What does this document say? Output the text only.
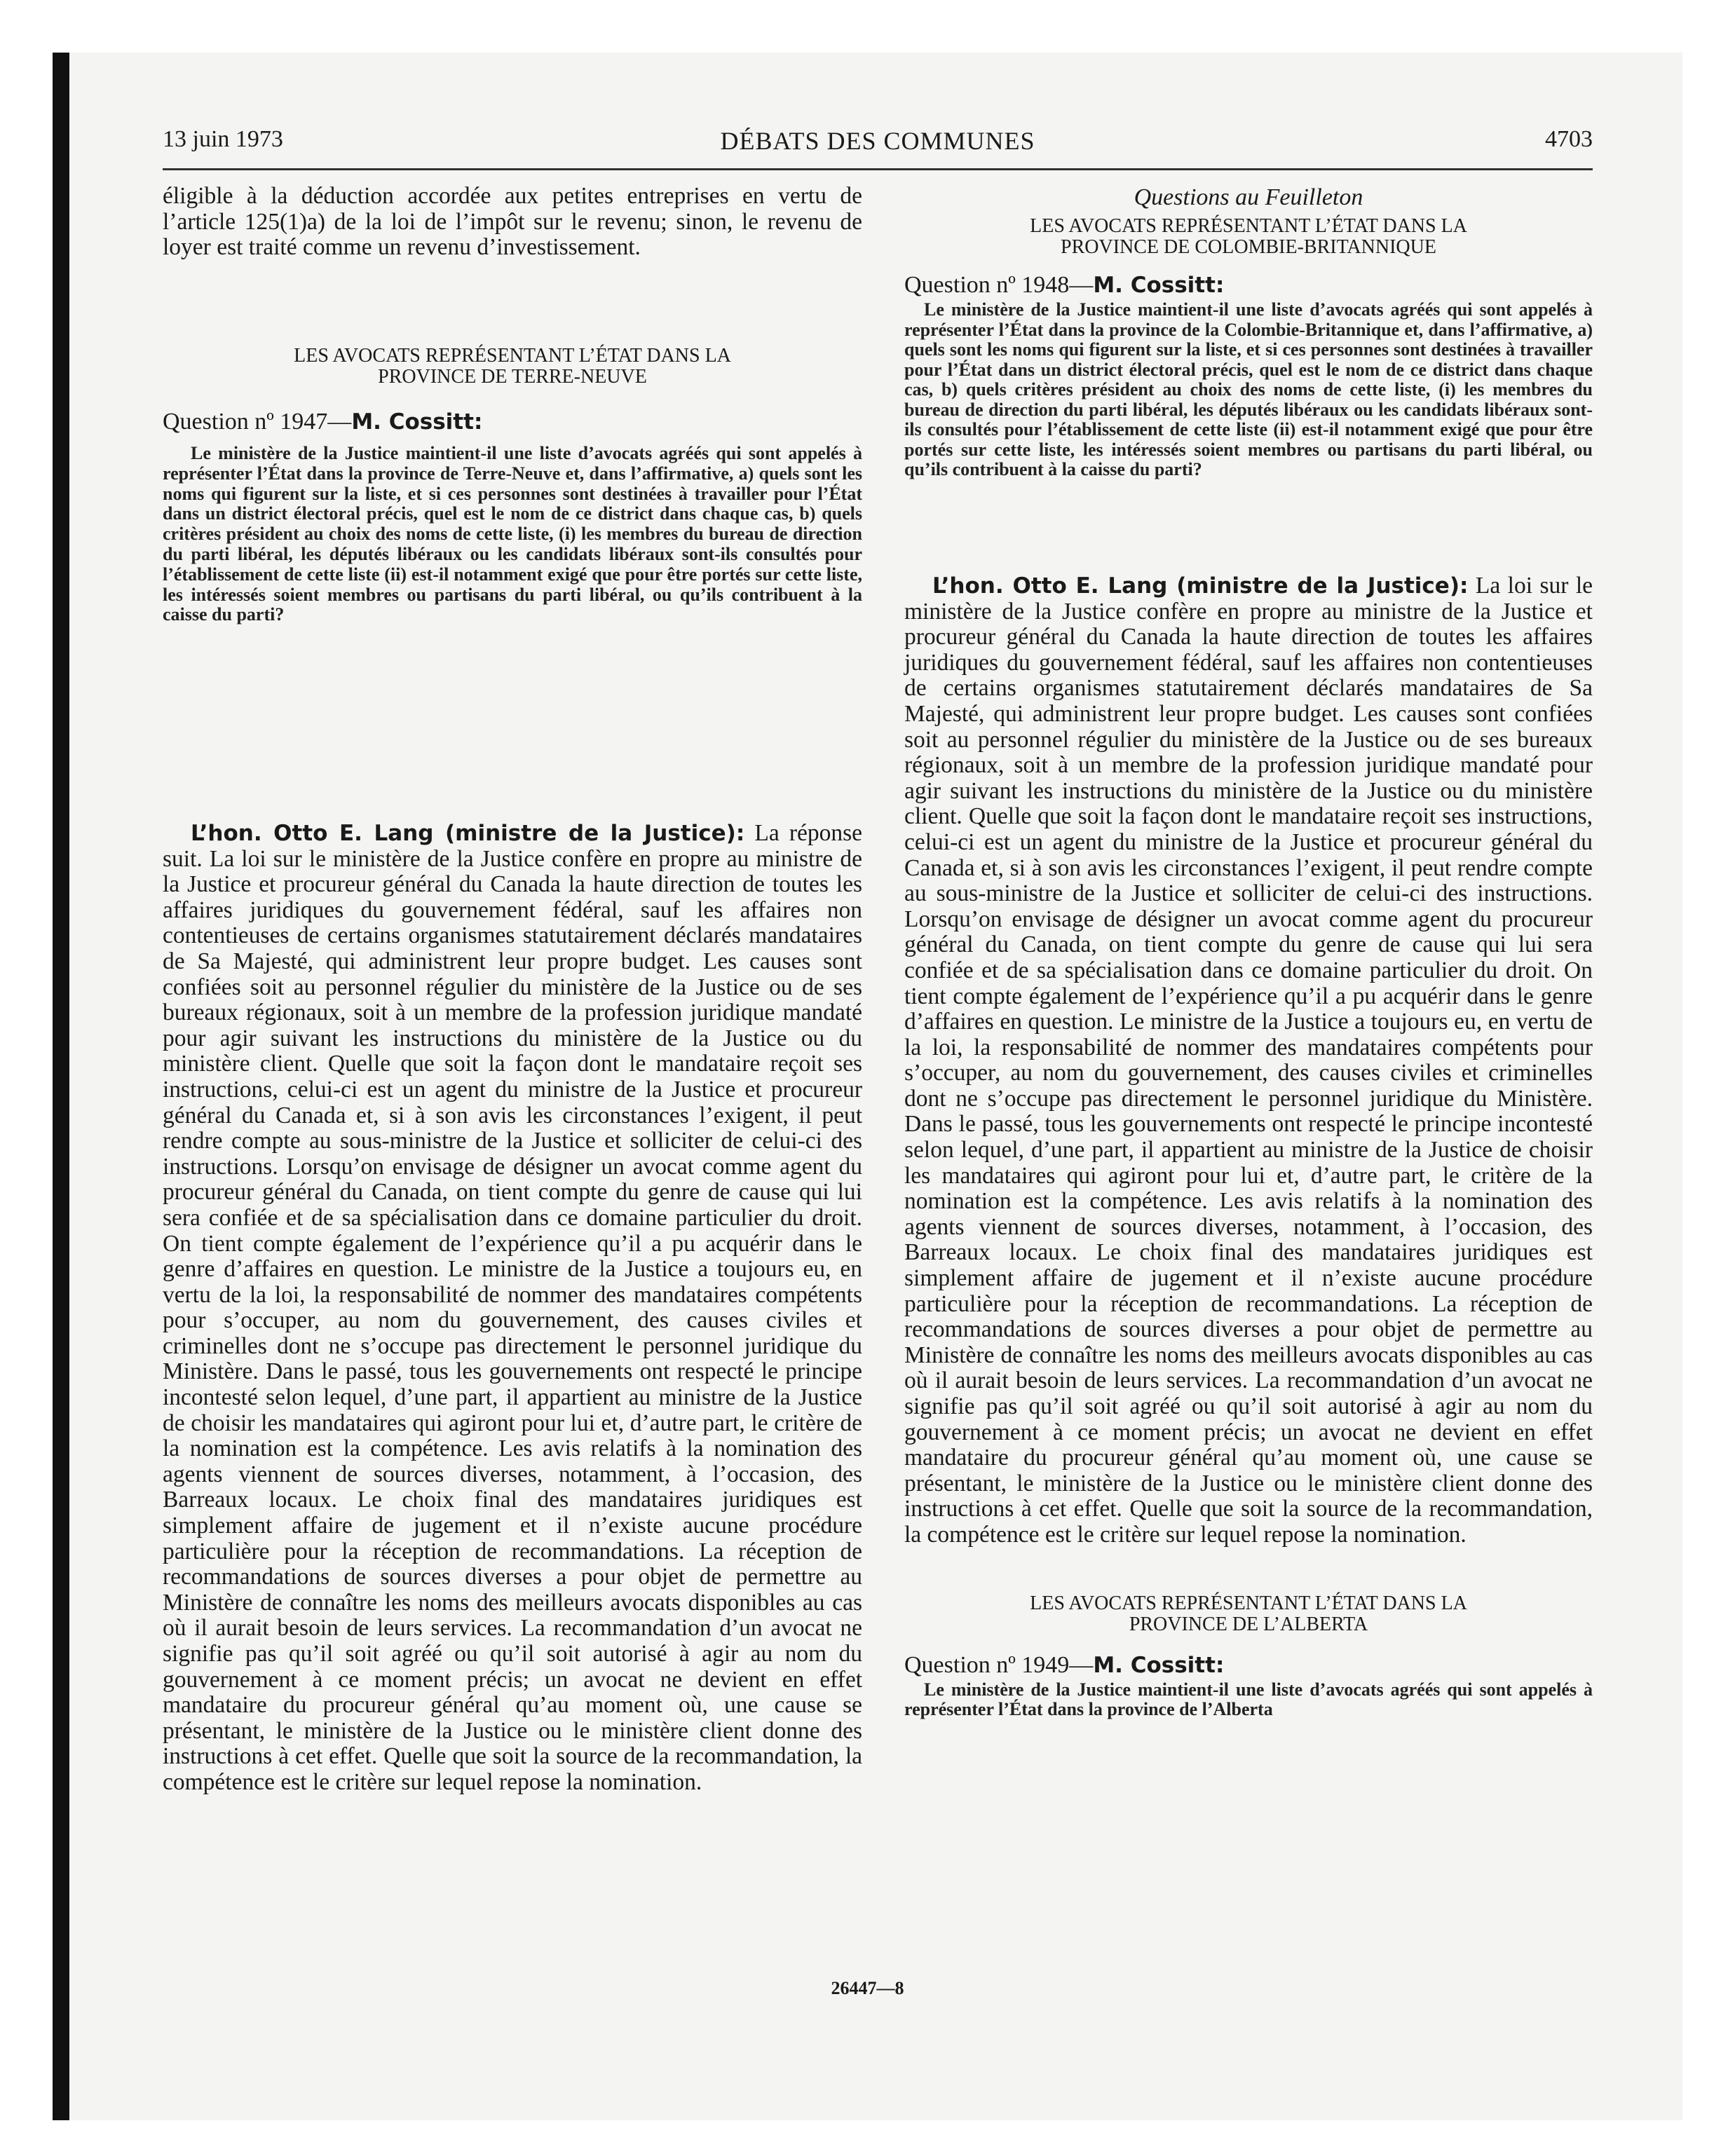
13 juin 1973	DÉBATS DES COMMUNES	4703

éligible à la déduction accordée aux petites entreprises en vertu de l’article 125(1)a) de la loi de l’impôt sur le revenu; sinon, le revenu de loyer est traité comme un revenu d’investissement.

LES AVOCATS REPRÉSENTANT L’ÉTAT DANS LA
PROVINCE DE TERRE-NEUVE
Question nº 1947—M. Cossitt:

Le ministère de la Justice maintient-il une liste d’avocats agréés qui sont appelés à représenter l’État dans la province de Terre-Neuve et, dans l’affirmative, a) quels sont les noms qui figurent sur la liste, et si ces personnes sont destinées à travailler pour l’État dans un district électoral précis, quel est le nom de ce district dans chaque cas, b) quels critères président au choix des noms de cette liste, (i) les membres du bureau de direction du parti libéral, les députés libéraux ou les candidats libéraux sont-ils consultés pour l’établissement de cette liste (ii) est-il notamment exigé que pour être portés sur cette liste, les intéressés soient membres ou partisans du parti libéral, ou qu’ils contribuent à la caisse du parti?

L’hon. Otto E. Lang (ministre de la Justice): La réponse suit. La loi sur le ministère de la Justice confère en propre au ministre de la Justice et procureur général du Canada la haute direction de toutes les affaires juridiques du gouvernement fédéral, sauf les affaires non contentieuses de certains organismes statutairement déclarés mandataires de Sa Majesté, qui administrent leur propre budget. Les causes sont confiées soit au personnel régulier du ministère de la Justice ou de ses bureaux régionaux, soit à un membre de la profession juridique mandaté pour agir suivant les instructions du ministère de la Justice ou du ministère client. Quelle que soit la façon dont le mandataire reçoit ses instructions, celui-ci est un agent du ministre de la Justice et procureur général du Canada et, si à son avis les circonstances l’exigent, il peut rendre compte au sous-ministre de la Justice et solliciter de celui-ci des instructions. Lorsqu’on envisage de désigner un avocat comme agent du procureur général du Canada, on tient compte du genre de cause qui lui sera confiée et de sa spécialisation dans ce domaine particulier du droit. On tient compte également de l’expérience qu’il a pu acquérir dans le genre d’affaires en question. Le ministre de la Justice a toujours eu, en vertu de la loi, la responsabilité de nommer des mandataires compétents pour s’occuper, au nom du gouvernement, des causes civiles et criminelles dont ne s’occupe pas directement le personnel juridique du Ministère. Dans le passé, tous les gouvernements ont respecté le principe incontesté selon lequel, d’une part, il appartient au ministre de la Justice de choisir les mandataires qui agiront pour lui et, d’autre part, le critère de la nomination est la compétence. Les avis relatifs à la nomination des agents viennent de sources diverses, notamment, à l’occasion, des Barreaux locaux. Le choix final des mandataires juridiques est simplement affaire de jugement et il n’existe aucune procédure particulière pour la réception de recommandations. La réception de recommandations de sources diverses a pour objet de permettre au Ministère de connaître les noms des meilleurs avocats disponibles au cas où il aurait besoin de leurs services. La recommandation d’un avocat ne signifie pas qu’il soit agréé ou qu’il soit autorisé à agir au nom du gouvernement à ce moment précis; un avocat ne devient en effet mandataire du procureur général qu’au moment où, une cause se présentant, le ministère de la Justice ou le ministère client donne des instructions à cet effet. Quelle que soit la source de la recommandation, la compétence est le critère sur lequel repose la nomination.

Questions au Feuilleton
LES AVOCATS REPRÉSENTANT L’ÉTAT DANS LA
PROVINCE DE COLOMBIE-BRITANNIQUE
Question nº 1948—M. Cossitt:

Le ministère de la Justice maintient-il une liste d’avocats agréés qui sont appelés à représenter l’État dans la province de la Colombie-Britannique et, dans l’affirmative, a) quels sont les noms qui figurent sur la liste, et si ces personnes sont destinées à travailler pour l’État dans un district électoral précis, quel est le nom de ce district dans chaque cas, b) quels critères président au choix des noms de cette liste, (i) les membres du bureau de direction du parti libéral, les députés libéraux ou les candidats libéraux sont-ils consultés pour l’établissement de cette liste (ii) est-il notamment exigé que pour être portés sur cette liste, les intéressés soient membres ou partisans du parti libéral, ou qu’ils contribuent à la caisse du parti?

L’hon. Otto E. Lang (ministre de la Justice): La loi sur le ministère de la Justice confère en propre au ministre de la Justice et procureur général du Canada la haute direction de toutes les affaires juridiques du gouvernement fédéral, sauf les affaires non contentieuses de certains organismes statutairement déclarés mandataires de Sa Majesté, qui administrent leur propre budget. Les causes sont confiées soit au personnel régulier du ministère de la Justice ou de ses bureaux régionaux, soit à un membre de la profession juridique mandaté pour agir suivant les instructions du ministère de la Justice ou du ministère client. Quelle que soit la façon dont le mandataire reçoit ses instructions, celui-ci est un agent du ministre de la Justice et procureur général du Canada et, si à son avis les circonstances l’exigent, il peut rendre compte au sous-ministre de la Justice et solliciter de celui-ci des instructions. Lorsqu’on envisage de désigner un avocat comme agent du procureur général du Canada, on tient compte du genre de cause qui lui sera confiée et de sa spécialisation dans ce domaine particulier du droit. On tient compte également de l’expérience qu’il a pu acquérir dans le genre d’affaires en question. Le ministre de la Justice a toujours eu, en vertu de la loi, la responsabilité de nommer des mandataires compétents pour s’occuper, au nom du gouvernement, des causes civiles et criminelles dont ne s’occupe pas directement le personnel juridique du Ministère. Dans le passé, tous les gouvernements ont respecté le principe incontesté selon lequel, d’une part, il appartient au ministre de la Justice de choisir les mandataires qui agiront pour lui et, d’autre part, le critère de la nomination est la compétence. Les avis relatifs à la nomination des agents viennent de sources diverses, notamment, à l’occasion, des Barreaux locaux. Le choix final des mandataires juridiques est simplement affaire de jugement et il n’existe aucune procédure particulière pour la réception de recommandations. La réception de recommandations de sources diverses a pour objet de permettre au Ministère de connaître les noms des meilleurs avocats disponibles au cas où il aurait besoin de leurs services. La recommandation d’un avocat ne signifie pas qu’il soit agréé ou qu’il soit autorisé à agir au nom du gouvernement à ce moment précis; un avocat ne devient en effet mandataire du procureur général qu’au moment où, une cause se présentant, le ministère de la Justice ou le ministère client donne des instructions à cet effet. Quelle que soit la source de la recommandation, la compétence est le critère sur lequel repose la nomination.

LES AVOCATS REPRÉSENTANT L’ÉTAT DANS LA
PROVINCE DE L’ALBERTA
Question nº 1949—M. Cossitt:

Le ministère de la Justice maintient-il une liste d’avocats agréés qui sont appelés à représenter l’État dans la province de l’Alberta

26447—8
